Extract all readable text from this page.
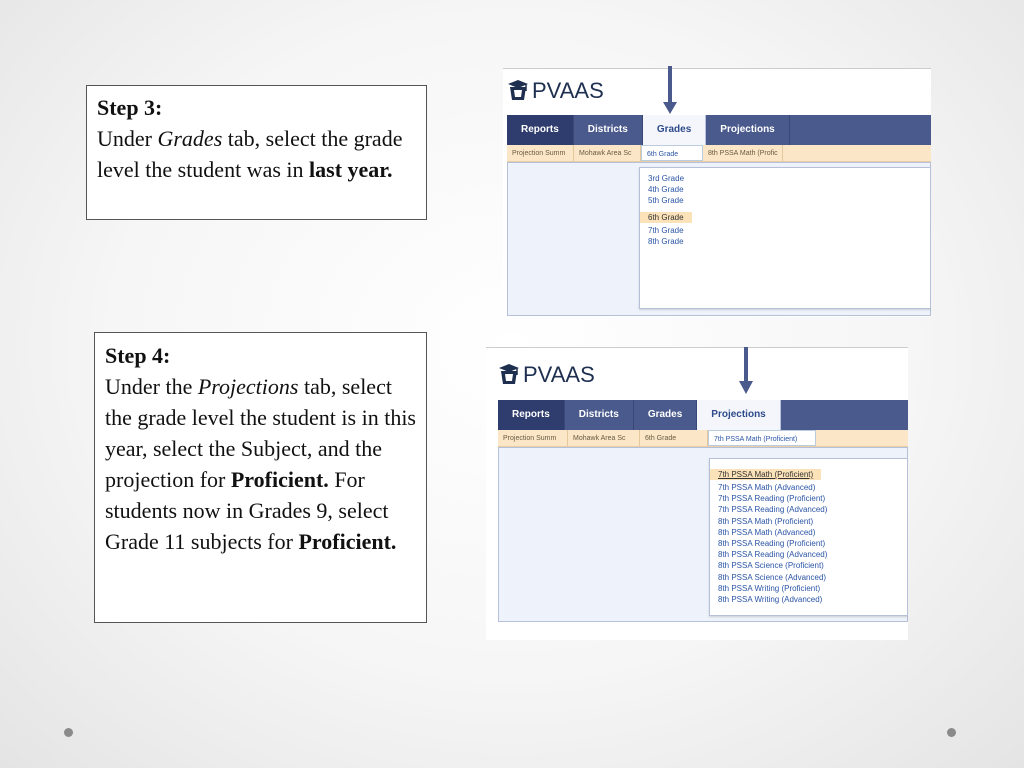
Step 3:
Under Grades tab, select the grade level the student was in last year.
Step 4:
Under the Projections tab, select the grade level the student is in this year, select the Subject, and the projection for Proficient. For students now in Grades 9, select Grade 11 subjects for Proficient.
PVAAS
Reports	Districts	Grades	Projections
Projection Summ	Mohawk Area Sc	6th Grade	8th PSSA Math (Profic
3rd Grade
4th Grade
5th Grade
6th Grade
7th Grade
8th Grade
PVAAS
Reports	Districts	Grades	Projections
Projection Summ	Mohawk Area Sc	6th Grade	7th PSSA Math (Proficient)
7th PSSA Math (Proficient)
7th PSSA Math (Advanced)
7th PSSA Reading (Proficient)
7th PSSA Reading (Advanced)
8th PSSA Math (Proficient)
8th PSSA Math (Advanced)
8th PSSA Reading (Proficient)
8th PSSA Reading (Advanced)
8th PSSA Science (Proficient)
8th PSSA Science (Advanced)
8th PSSA Writing (Proficient)
8th PSSA Writing (Advanced)
